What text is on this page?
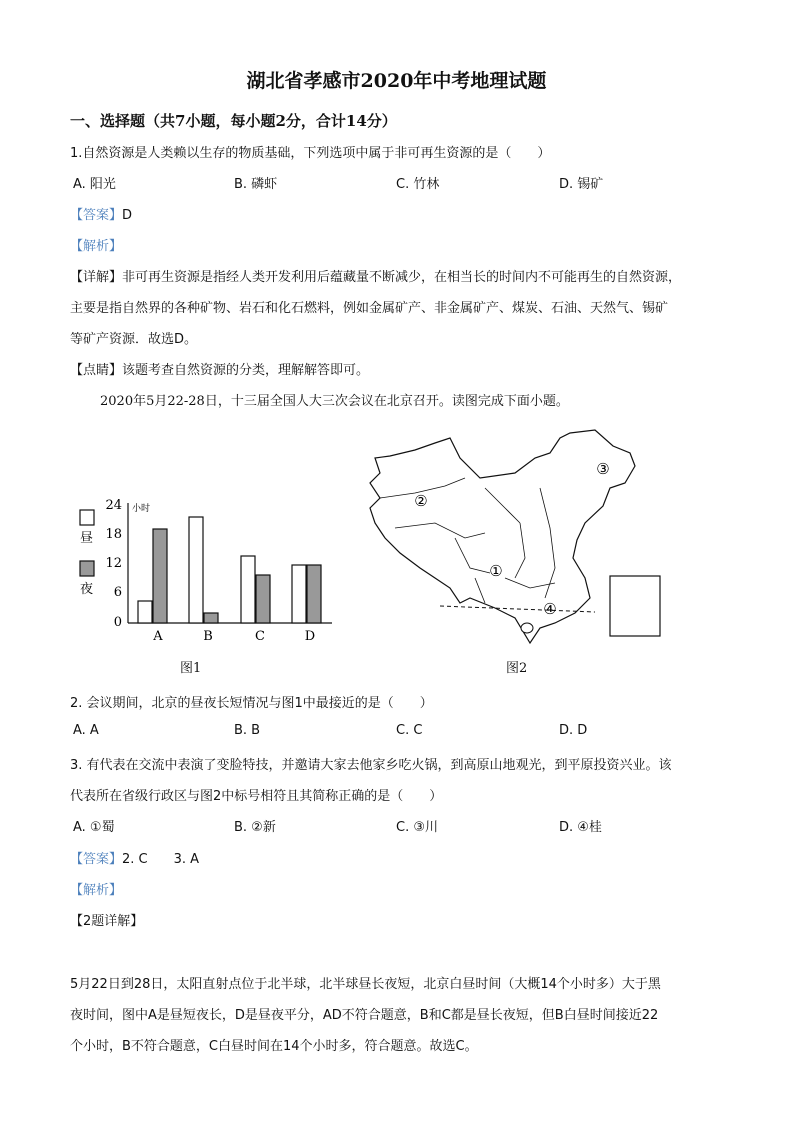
湖北省孝感市2020年中考地理试题
一、选择题（共7小题，每小题2分，合计14分）
1.自然资源是人类赖以生存的物质基础，下列选项中属于非可再生资源的是（　　）
A. 阳光	B. 磷虾	C. 竹林	D. 锡矿
【答案】D
【解析】
【详解】非可再生资源是指经人类开发利用后蕴藏量不断减少，在相当长的时间内不可能再生的自然资源，
主要是指自然界的各种矿物、岩石和化石燃料，例如金属矿产、非金属矿产、煤炭、石油、天然气、锡矿
等矿产资源．故选D。
【点睛】该题考查自然资源的分类，理解解答即可。
2020年5月22-28日，十三届全国人大三次会议在北京召开。读图完成下面小题。
昼
夜
小时
24
18
12
6
0
A	B	C	D
图1
①
②
③
④
图2
2. 会议期间，北京的昼夜长短情况与图1中最接近的是（　　）
A. A	B. B	C. C	D. D
3. 有代表在交流中表演了变脸特技，并邀请大家去他家乡吃火锅，到高原山地观光，到平原投资兴业。该
代表所在省级行政区与图2中标号相符且其简称正确的是（　　）
A. ①蜀	B. ②新	C. ③川	D. ④桂
【答案】2. C　　3. A
【解析】
【2题详解】
5月22日到28日，太阳直射点位于北半球，北半球昼长夜短，北京白昼时间（大概14个小时多）大于黑
夜时间，图中A是昼短夜长，D是昼夜平分，AD不符合题意，B和C都是昼长夜短，但B白昼时间接近22
个小时，B不符合题意，C白昼时间在14个小时多，符合题意。故选C。
